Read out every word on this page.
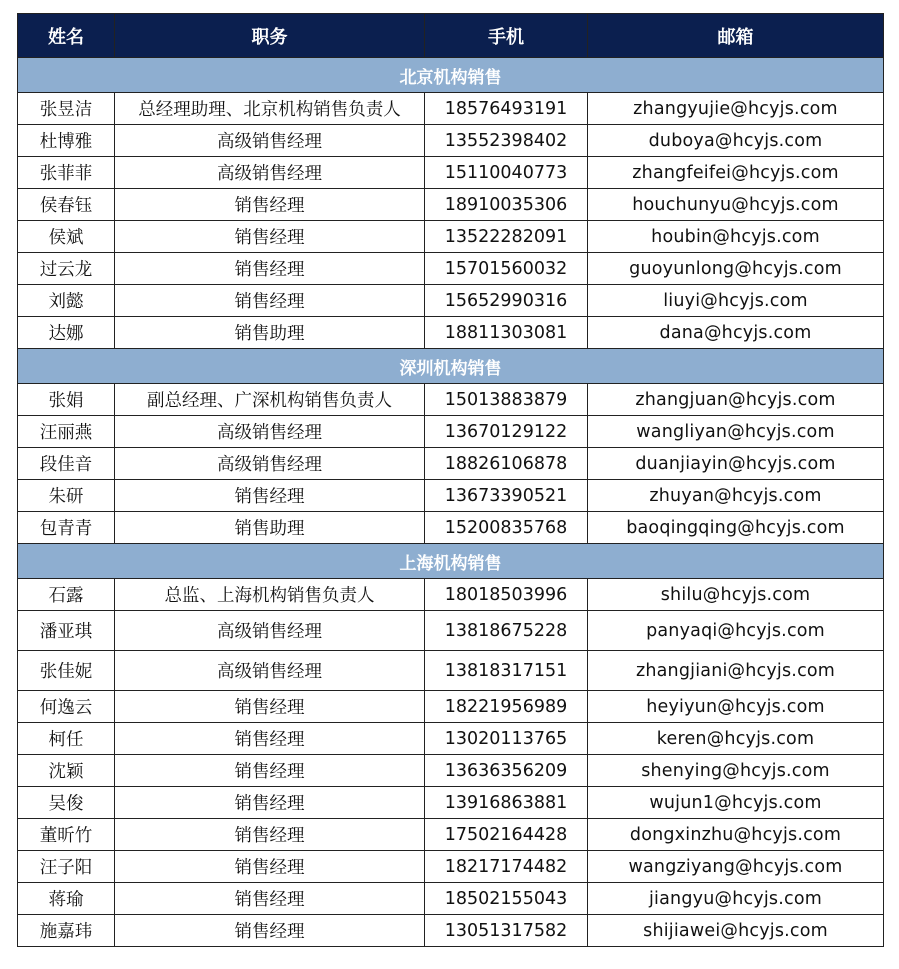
姓名	职务	手机	邮箱
北京机构销售			
张昱洁	总经理助理、北京机构销售负责人	18576493191	zhangyujie@hcyjs.com
杜博雅	高级销售经理	13552398402	duboya@hcyjs.com
张菲菲	高级销售经理	15110040773	zhangfeifei@hcyjs.com
侯春钰	销售经理	18910035306	houchunyu@hcyjs.com
侯斌	销售经理	13522282091	houbin@hcyjs.com
过云龙	销售经理	15701560032	guoyunlong@hcyjs.com
刘懿	销售经理	15652990316	liuyi@hcyjs.com
达娜	销售助理	18811303081	dana@hcyjs.com
深圳机构销售			
张娟	副总经理、广深机构销售负责人	15013883879	zhangjuan@hcyjs.com
汪丽燕	高级销售经理	13670129122	wangliyan@hcyjs.com
段佳音	高级销售经理	18826106878	duanjiayin@hcyjs.com
朱研	销售经理	13673390521	zhuyan@hcyjs.com
包青青	销售助理	15200835768	baoqingqing@hcyjs.com
上海机构销售			
石露	总监、上海机构销售负责人	18018503996	shilu@hcyjs.com
潘亚琪	高级销售经理	13818675228	panyaqi@hcyjs.com
张佳妮	高级销售经理	13818317151	zhangjiani@hcyjs.com
何逸云	销售经理	18221956989	heyiyun@hcyjs.com
柯任	销售经理	13020113765	keren@hcyjs.com
沈颖	销售经理	13636356209	shenying@hcyjs.com
吴俊	销售经理	13916863881	wujun1@hcyjs.com
董昕竹	销售经理	17502164428	dongxinzhu@hcyjs.com
汪子阳	销售经理	18217174482	wangziyang@hcyjs.com
蒋瑜	销售经理	18502155043	jiangyu@hcyjs.com
施嘉玮	销售经理	13051317582	shijiawei@hcyjs.com
